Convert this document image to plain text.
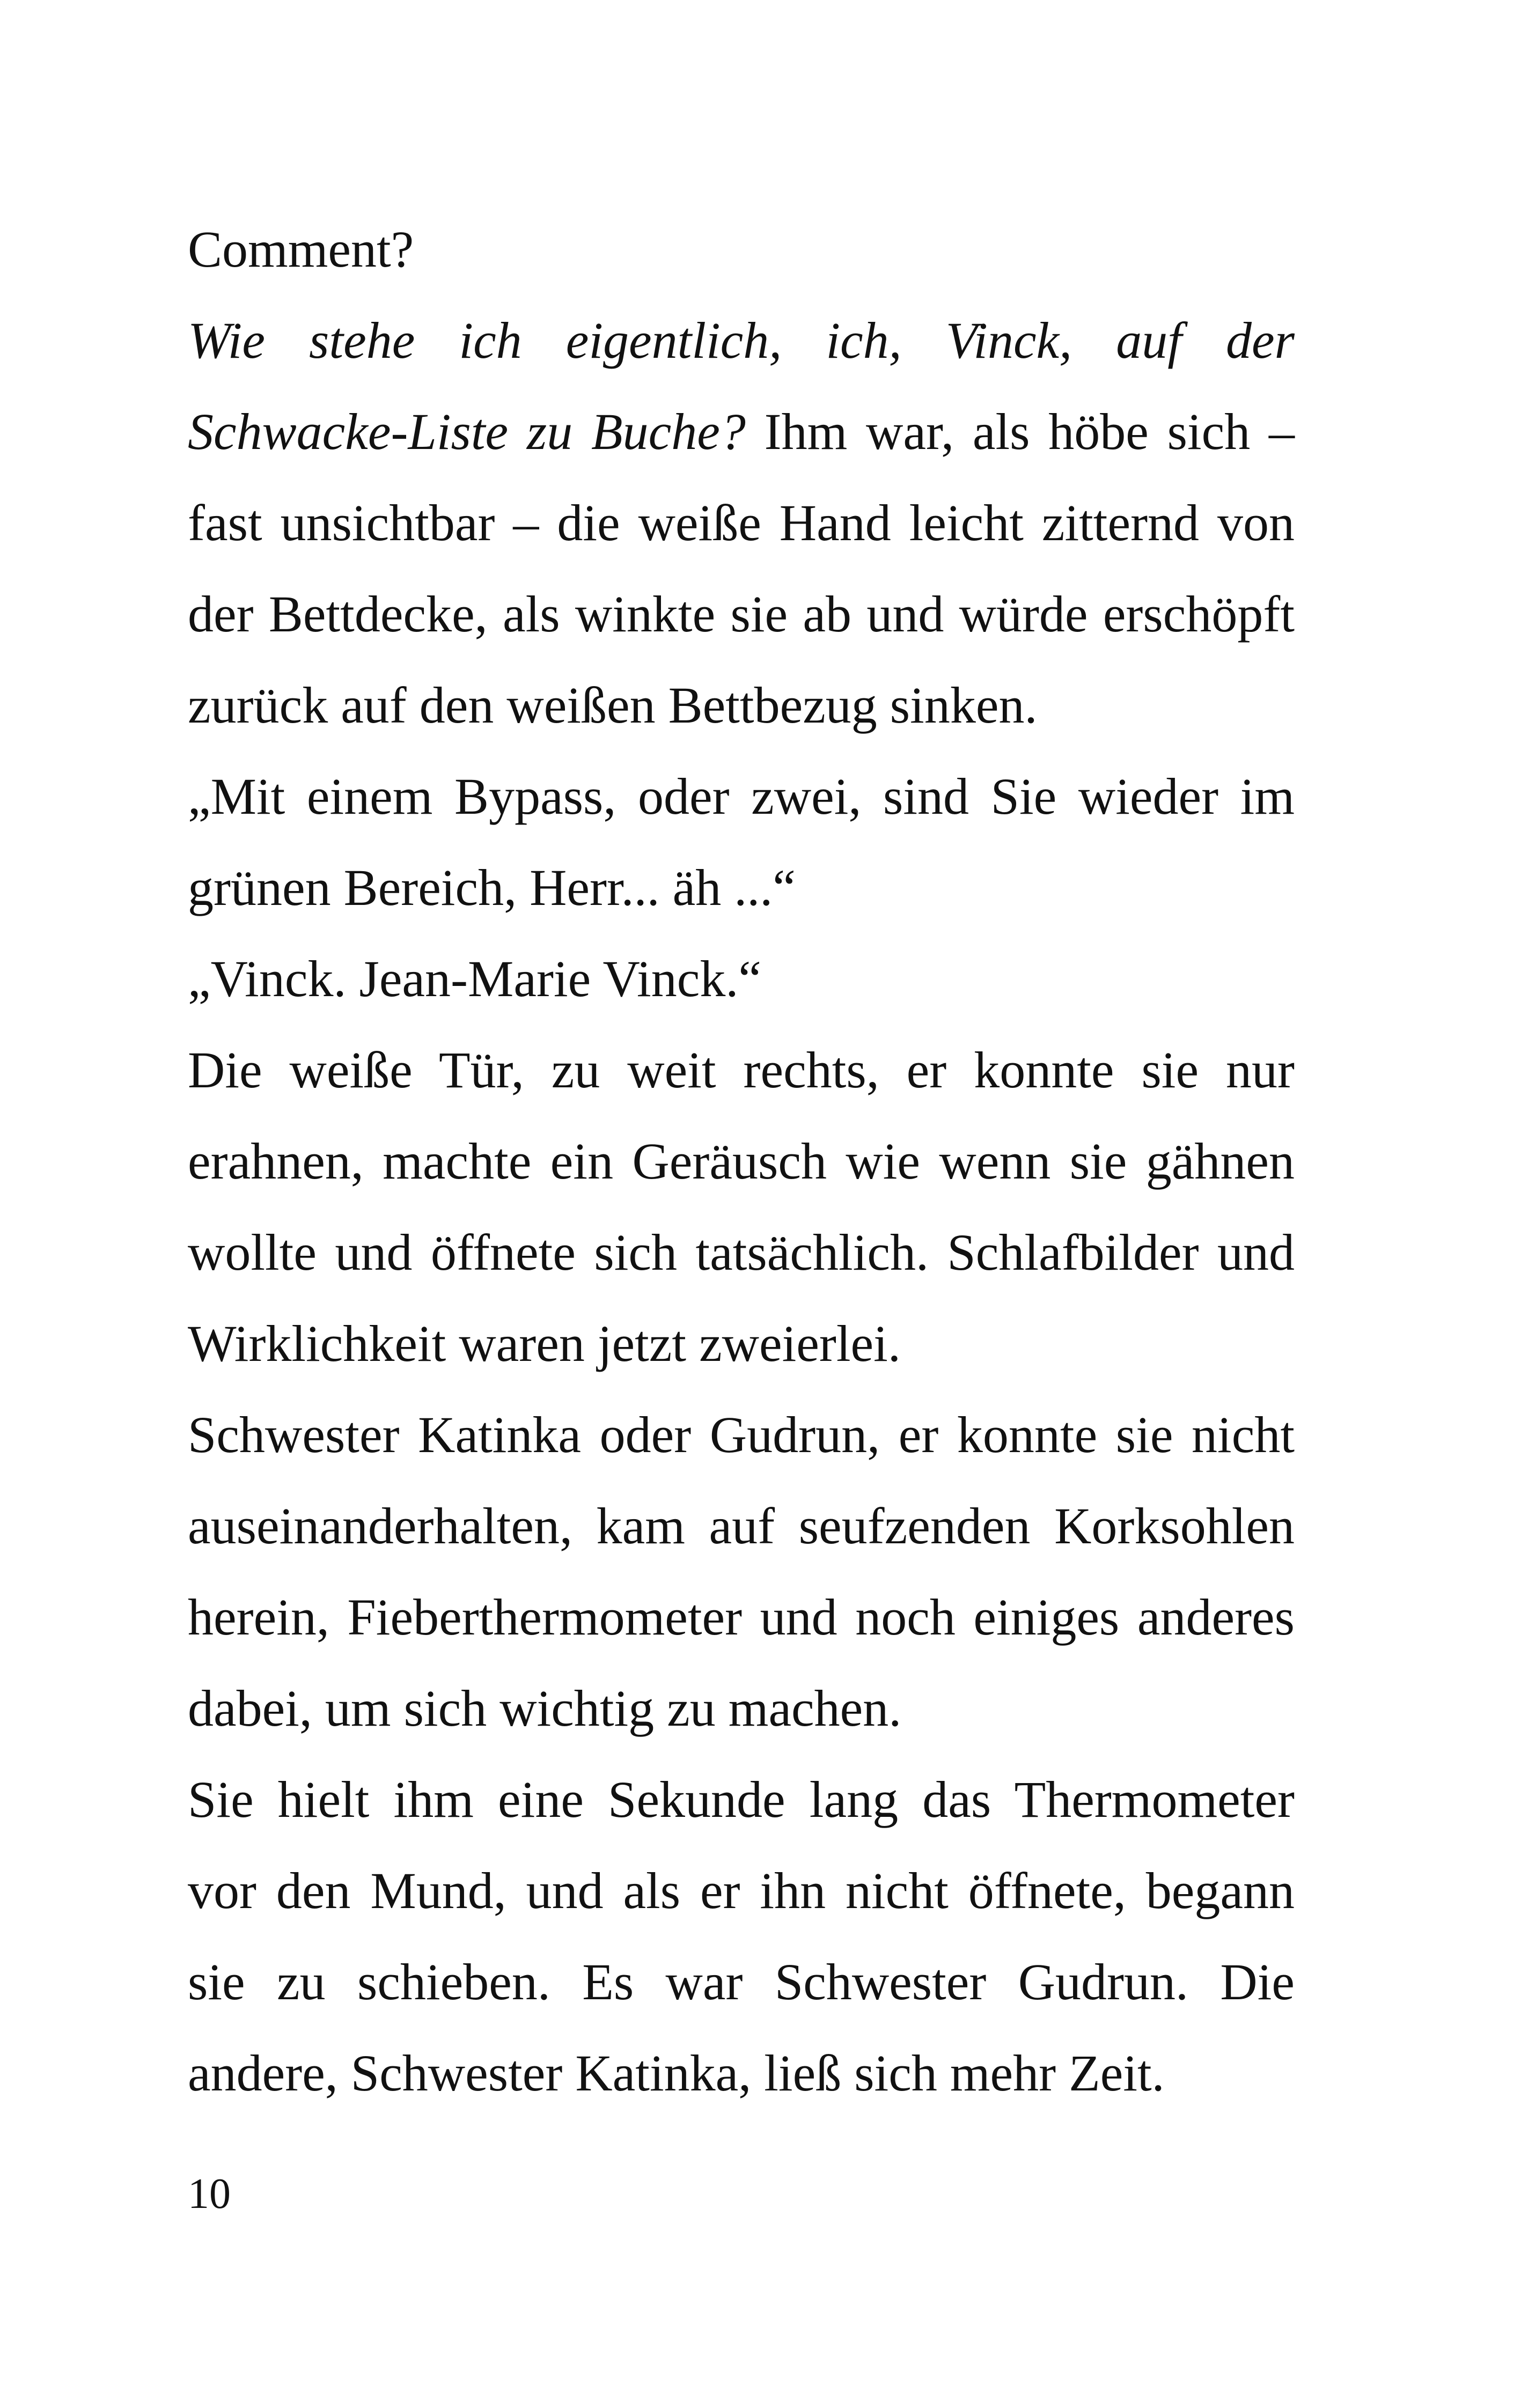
Comment?
Wie stehe ich eigentlich, ich, Vinck, auf der
Schwacke-Liste zu Buche? Ihm war, als höbe sich –
fast unsichtbar – die weiße Hand leicht zitternd von
der Bettdecke, als winkte sie ab und würde erschöpft
zurück auf den weißen Bettbezug sinken.
„Mit einem Bypass, oder zwei, sind Sie wieder im
grünen Bereich, Herr... äh ...“
„Vinck. Jean-Marie Vinck.“
Die weiße Tür, zu weit rechts, er konnte sie nur
erahnen, machte ein Geräusch wie wenn sie gähnen
wollte und öffnete sich tatsächlich. Schlafbilder und
Wirklichkeit waren jetzt zweierlei.
Schwester Katinka oder Gudrun, er konnte sie nicht
auseinanderhalten, kam auf seufzenden Korksohlen
herein, Fieberthermometer und noch einiges anderes
dabei, um sich wichtig zu machen.
Sie hielt ihm eine Sekunde lang das Thermometer
vor den Mund, und als er ihn nicht öffnete, begann
sie zu schieben. Es war Schwester Gudrun. Die
andere, Schwester Katinka, ließ sich mehr Zeit.
10
